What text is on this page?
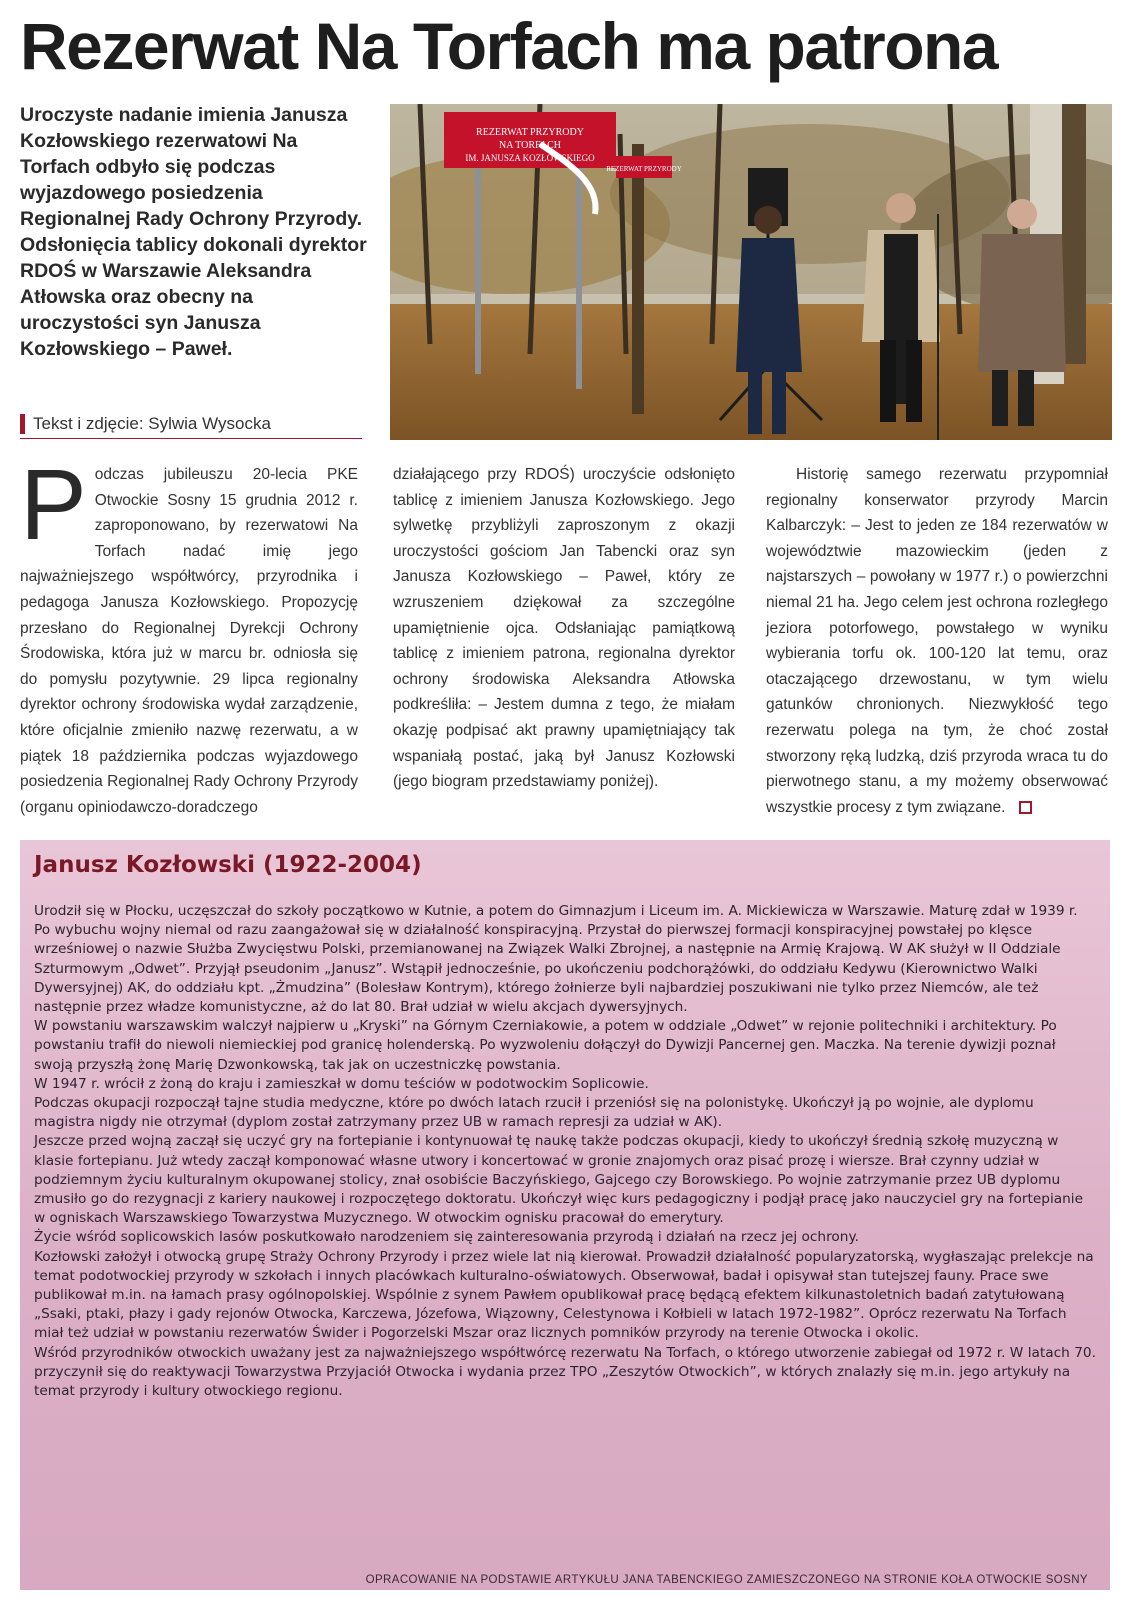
Rezerwat Na Torfach ma patrona

Uroczyste nadanie imienia Janusza Kozłowskiego rezerwatowi Na Torfach odbyło się podczas wyjazdowego posiedzenia Regionalnej Rady Ochrony Przyrody. Odsłonięcia tablicy dokonali dyrektor RDOŚ w Warszawie Aleksandra Atłowska oraz obecny na uroczystości syn Janusza Kozłowskiego – Paweł.

Tekst i zdjęcie: Sylwia Wysocka
REZERWAT PRZYRODY
NA TORFACH
IM. JANUSZA KOZŁOWSKIEGO
REZERWAT PRZYRODY
Podczas jubileuszu 20-lecia PKE Otwockie Sosny 15 grudnia 2012 r. zaproponowano, by rezerwatowi Na Torfach nadać imię jego najważniejszego współtwórcy, przyrodnika i pedagoga Janusza Kozłowskiego. Propozycję przesłano do Regionalnej Dyrekcji Ochrony Środowiska, która już w marcu br. odniosła się do pomysłu pozytywnie. 29 lipca regionalny dyrektor ochrony środowiska wydał zarządzenie, które oficjalnie zmieniło nazwę rezerwatu, a w piątek 18 października podczas wyjazdowego posiedzenia Regionalnej Rady Ochrony Przyrody (organu opiniodawczo-doradczego
działającego przy RDOŚ) uroczyście odsłonięto tablicę z imieniem Janusza Kozłowskiego. Jego sylwetkę przybliżyli zaproszonym z okazji uroczystości gościom Jan Tabencki oraz syn Janusza Kozłowskiego – Paweł, który ze wzruszeniem dziękował za szczególne upamiętnienie ojca. Odsłaniając pamiątkową tablicę z imieniem patrona, regionalna dyrektor ochrony środowiska Aleksandra Atłowska podkreśliła: – Jestem dumna z tego, że miałam okazję podpisać akt prawny upamiętniający tak wspaniałą postać, jaką był Janusz Kozłowski (jego biogram przedstawiamy poniżej).
Historię samego rezerwatu przypomniał regionalny konserwator przyrody Marcin Kalbarczyk: – Jest to jeden ze 184 rezerwatów w województwie mazowieckim (jeden z najstarszych – powołany w 1977 r.) o powierzchni niemal 21 ha. Jego celem jest ochrona rozległego jeziora potorfowego, powstałego w wyniku wybierania torfu ok. 100-120 lat temu, oraz otaczającego drzewostanu, w tym wielu gatunków chronionych. Niezwykłość tego rezerwatu polega na tym, że choć został stworzony ręką ludzką, dziś przyroda wraca tu do pierwotnego stanu, a my możemy obserwować wszystkie procesy z tym związane.
Janusz Kozłowski (1922-2004)

Urodził się w Płocku, uczęszczał do szkoły początkowo w Kutnie, a potem do Gimnazjum i Liceum im. A. Mickiewicza w Warszawie. Maturę zdał w 1939 r. Po wybuchu wojny niemal od razu zaangażował się w działalność konspiracyjną. Przystał do pierwszej formacji konspiracyjnej powstałej po klęsce wrześniowej o nazwie Służba Zwycięstwu Polski, przemianowanej na Związek Walki Zbrojnej, a następnie na Armię Krajową. W AK służył w II Oddziale Szturmowym „Odwet”. Przyjął pseudonim „Janusz”. Wstąpił jednocześnie, po ukończeniu podchorążówki, do oddziału Kedywu (Kierownictwo Walki Dywersyjnej) AK, do oddziału kpt. „Żmudzina” (Bolesław Kontrym), którego żołnierze byli najbardziej poszukiwani nie tylko przez Niemców, ale też następnie przez władze komunistyczne, aż do lat 80. Brał udział w wielu akcjach dywersyjnych.

W powstaniu warszawskim walczył najpierw u „Kryski” na Górnym Czerniakowie, a potem w oddziale „Odwet” w rejonie politechniki i architektury. Po powstaniu trafił do niewoli niemieckiej pod granicę holenderską. Po wyzwoleniu dołączył do Dywizji Pancernej gen. Maczka. Na terenie dywizji poznał swoją przyszłą żonę Marię Dzwonkowską, tak jak on uczestniczkę powstania.

W 1947 r. wrócił z żoną do kraju i zamieszkał w domu teściów w podotwockim Soplicowie.

Podczas okupacji rozpoczął tajne studia medyczne, które po dwóch latach rzucił i przeniósł się na polonistykę. Ukończył ją po wojnie, ale dyplomu magistra nigdy nie otrzymał (dyplom został zatrzymany przez UB w ramach represji za udział w AK).

Jeszcze przed wojną zaczął się uczyć gry na fortepianie i kontynuował tę naukę także podczas okupacji, kiedy to ukończył średnią szkołę muzyczną w klasie fortepianu. Już wtedy zaczął komponować własne utwory i koncertować w gronie znajomych oraz pisać prozę i wiersze. Brał czynny udział w podziemnym życiu kulturalnym okupowanej stolicy, znał osobiście Baczyńskiego, Gajcego czy Borowskiego. Po wojnie zatrzymanie przez UB dyplomu zmusiło go do rezygnacji z kariery naukowej i rozpoczętego doktoratu. Ukończył więc kurs pedagogiczny i podjął pracę jako nauczyciel gry na fortepianie w ogniskach Warszawskiego Towarzystwa Muzycznego. W otwockim ognisku pracował do emerytury.

Życie wśród soplicowskich lasów poskutkowało narodzeniem się zainteresowania przyrodą i działań na rzecz jej ochrony.

Kozłowski założył i otwocką grupę Straży Ochrony Przyrody i przez wiele lat nią kierował. Prowadził działalność popularyzatorską, wygłaszając prelekcje na temat podotwockiej przyrody w szkołach i innych placówkach kulturalno-oświatowych. Obserwował, badał i opisywał stan tutejszej fauny. Prace swe publikował m.in. na łamach prasy ogólnopolskiej. Wspólnie z synem Pawłem opublikował pracę będącą efektem kilkunastoletnich badań zatytułowaną „Ssaki, ptaki, płazy i gady rejonów Otwocka, Karczewa, Józefowa, Wiązowny, Celestynowa i Kołbieli w latach 1972-1982”. Oprócz rezerwatu Na Torfach miał też udział w powstaniu rezerwatów Świder i Pogorzelski Mszar oraz licznych pomników przyrody na terenie Otwocka i okolic.

Wśród przyrodników otwockich uważany jest za najważniejszego współtwórcę rezerwatu Na Torfach, o którego utworzenie zabiegał od 1972 r. W latach 70. przyczynił się do reaktywacji Towarzystwa Przyjaciół Otwocka i wydania przez TPO „Zeszytów Otwockich”, w których znalazły się m.in. jego artykuły na temat przyrody i kultury otwockiego regionu.

OPRACOWANIE NA PODSTAWIE ARTYKUŁU JANA TABENCKIEGO ZAMIESZCZONEGO NA STRONIE KOŁA OTWOCKIE SOSNY
